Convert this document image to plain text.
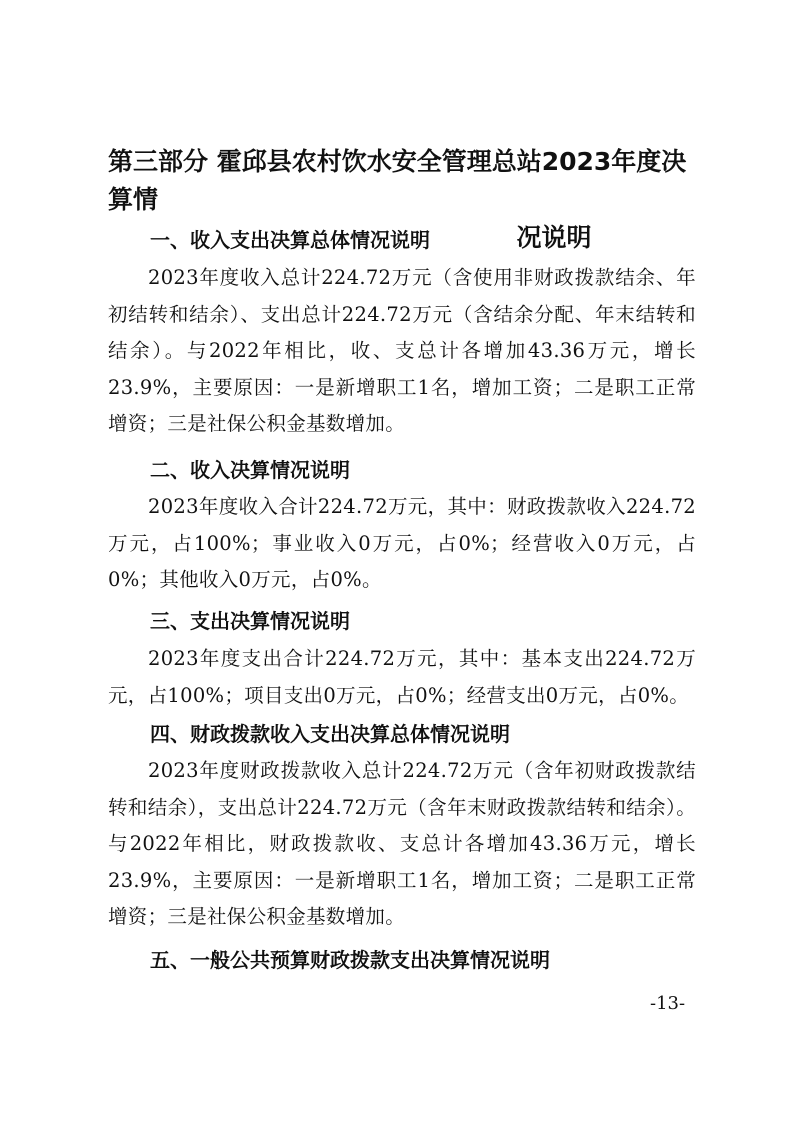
第三部分 霍邱县农村饮水安全管理总站2023年度决算情
况说明
一、收入支出决算总体情况说明
2023年度收入总计224.72万元（含使用非财政拨款结余、年初结转和结余）、支出总计224.72万元（含结余分配、年末结转和结余）。与2022年相比，收、支总计各增加43.36万元，增长23.9%，主要原因：一是新增职工1名，增加工资；二是职工正常增资；三是社保公积金基数增加。
二、收入决算情况说明
2023年度收入合计224.72万元，其中：财政拨款收入224.72万元，占100%；事业收入0万元，占0%；经营收入0万元，占0%；其他收入0万元，占0%。
三、支出决算情况说明
2023年度支出合计224.72万元，其中：基本支出224.72万元，占100%；项目支出0万元，占0%；经营支出0万元，占0%。
四、财政拨款收入支出决算总体情况说明
2023年度财政拨款收入总计224.72万元（含年初财政拨款结转和结余），支出总计224.72万元（含年末财政拨款结转和结余）。与2022年相比，财政拨款收、支总计各增加43.36万元，增长23.9%，主要原因：一是新增职工1名，增加工资；二是职工正常增资；三是社保公积金基数增加。
五、一般公共预算财政拨款支出决算情况说明
-13-
